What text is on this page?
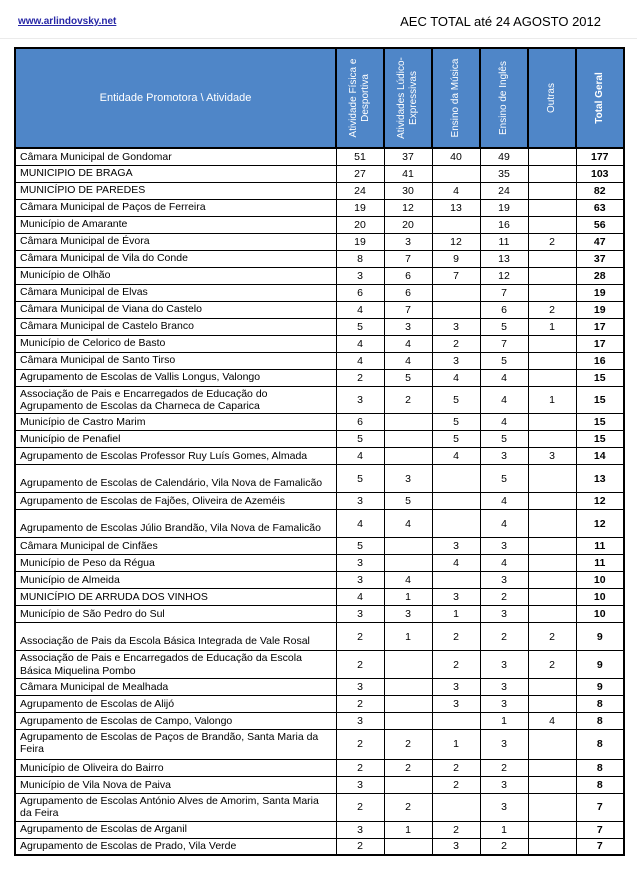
www.arlindovsky.net	AEC TOTAL até 24 AGOSTO 2012
Entidade Promotora \ Atividade	Atividade Física e Desportiva	Atividades Lúdico-Expressivas	Ensino da Música	Ensino de Inglês	Outras	Total Geral

Câmara Municipal de Gondomar	51	37	40	49		177
MUNICIPIO DE BRAGA	27	41		35		103
MUNICÍPIO DE PAREDES	24	30	4	24		82
Câmara Municipal de Paços de Ferreira	19	12	13	19		63
Município de Amarante	20	20		16		56
Câmara Municipal de Évora	19	3	12	11	2	47
Câmara Municipal de Vila do Conde	8	7	9	13		37
Município de Olhão	3	6	7	12		28
Câmara Municipal de Elvas	6	6		7		19
Câmara Municipal de Viana do Castelo	4	7		6	2	19
Câmara Municipal de Castelo Branco	5	3	3	5	1	17
Município de Celorico de Basto	4	4	2	7		17
Câmara Municipal de Santo Tirso	4	4	3	5		16
Agrupamento de Escolas de Vallis Longus, Valongo	2	5	4	4		15
Associação de Pais e Encarregados de Educação do Agrupamento de Escolas da Charneca de Caparica	3	2	5	4	1	15
Município de Castro Marim	6		5	4		15
Município de Penafiel	5		5	5		15
Agrupamento de Escolas Professor Ruy Luís Gomes, Almada	4		4	3	3	14
Agrupamento de Escolas de Calendário, Vila Nova de Famalicão	5	3		5		13
Agrupamento de Escolas de Fajões, Oliveira de Azeméis	3	5		4		12
Agrupamento de Escolas Júlio Brandão, Vila Nova de Famalicão	4	4		4		12
Câmara Municipal de Cinfães	5		3	3		11
Município de Peso da Régua	3		4	4		11
Município de Almeida	3	4		3		10
MUNICÍPIO DE ARRUDA DOS VINHOS	4	1	3	2		10
Município de São Pedro do Sul	3	3	1	3		10
Associação de Pais da Escola Básica Integrada de Vale Rosal	2	1	2	2	2	9
Associação de Pais e Encarregados de Educação da Escola Básica Miquelina Pombo	2		2	3	2	9
Câmara Municipal de Mealhada	3		3	3		9
Agrupamento de Escolas de Alijó	2		3	3		8
Agrupamento de Escolas de Campo, Valongo	3			1	4	8
Agrupamento de Escolas de Paços de Brandão, Santa Maria da Feira	2	2	1	3		8
Município de Oliveira do Bairro	2	2	2	2		8
Município de Vila Nova de Paiva	3		2	3		8
Agrupamento de Escolas António Alves de Amorim, Santa Maria da Feira	2	2		3		7
Agrupamento de Escolas de Arganil	3	1	2	1		7
Agrupamento de Escolas de Prado, Vila Verde	2		3	2		7
